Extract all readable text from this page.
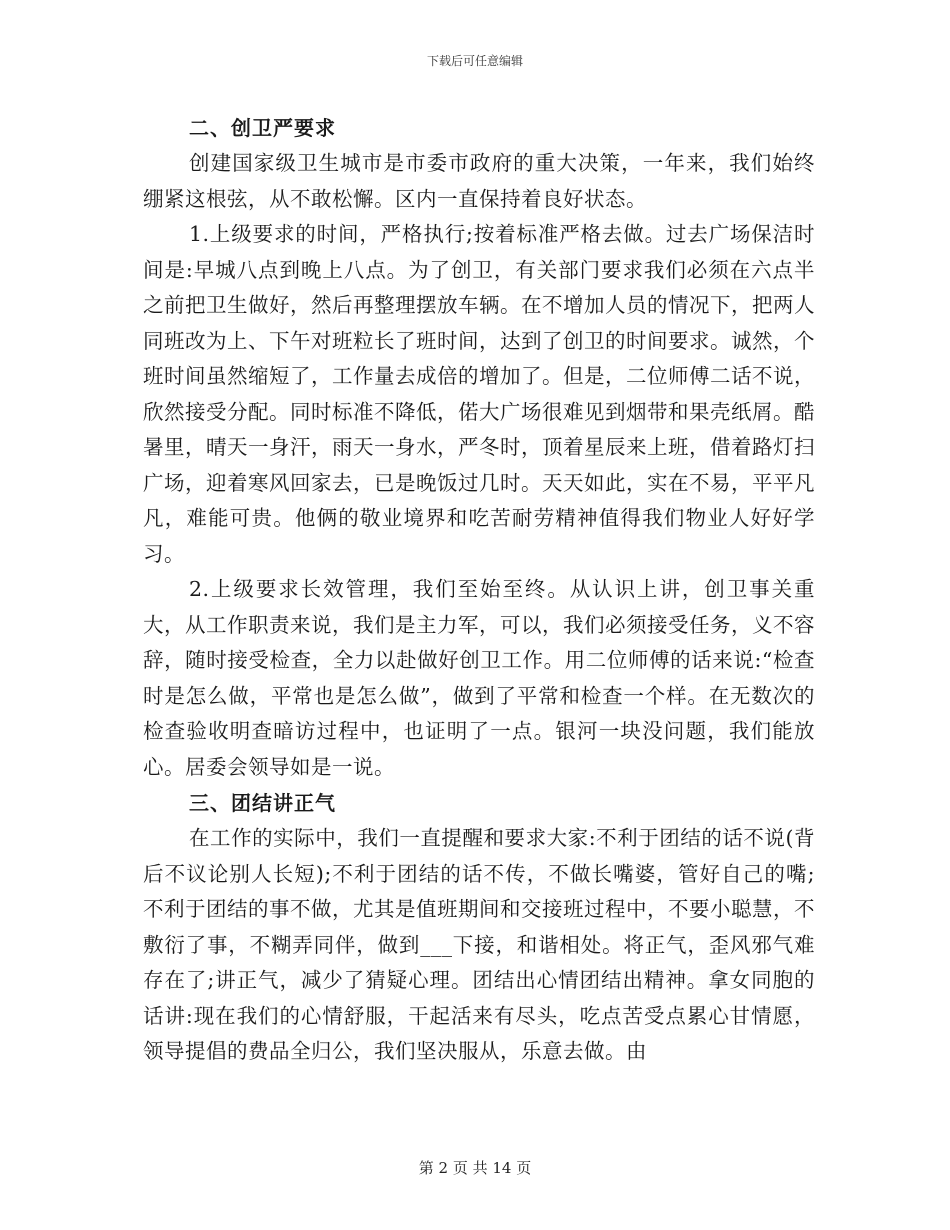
下载后可任意编辑
二、创卫严要求

创建国家级卫生城市是市委市政府的重大决策，一年来，我们始终绷紧这根弦，从不敢松懈。区内一直保持着良好状态。

1.上级要求的时间，严格执行;按着标准严格去做。过去广场保洁时间是:早城八点到晚上八点。为了创卫，有关部门要求我们必须在六点半之前把卫生做好，然后再整理摆放车辆。在不增加人员的情况下，把两人同班改为上、下午对班粒长了班时间，达到了创卫的时间要求。诚然，个班时间虽然缩短了，工作量去成倍的增加了。但是，二位师傅二话不说，欣然接受分配。同时标准不降低，偌大广场很难见到烟带和果壳纸屑。酷暑里，晴天一身汗，雨天一身水，严冬时，顶着星辰来上班，借着路灯扫广场，迎着寒风回家去，已是晚饭过几时。天天如此，实在不易，平平凡凡，难能可贵。他俩的敬业境界和吃苦耐劳精神值得我们物业人好好学习。

2.上级要求长效管理，我们至始至终。从认识上讲，创卫事关重大，从工作职责来说，我们是主力军，可以，我们必须接受任务，义不容辞，随时接受检查，全力以赴做好创卫工作。用二位师傅的话来说:“检查时是怎么做，平常也是怎么做”，做到了平常和检查一个样。在无数次的检查验收明查暗访过程中，也证明了一点。银河一块没问题，我们能放心。居委会领导如是一说。

三、团结讲正气

在工作的实际中，我们一直提醒和要求大家:不利于团结的话不说(背后不议论别人长短);不利于团结的话不传，不做长嘴婆，管好自己的嘴;不利于团结的事不做，尤其是值班期间和交接班过程中，不要小聪慧，不敷衍了事，不糊弄同伴，做到___下接，和谐相处。将正气，歪风邪气难存在了;讲正气，减少了猜疑心理。团结出心情团结出精神。拿女同胞的话讲:现在我们的心情舒服，干起活来有尽头，吃点苦受点累心甘情愿，领导提倡的费品全归公，我们坚决服从，乐意去做。由

第 2 页 共 14 页
